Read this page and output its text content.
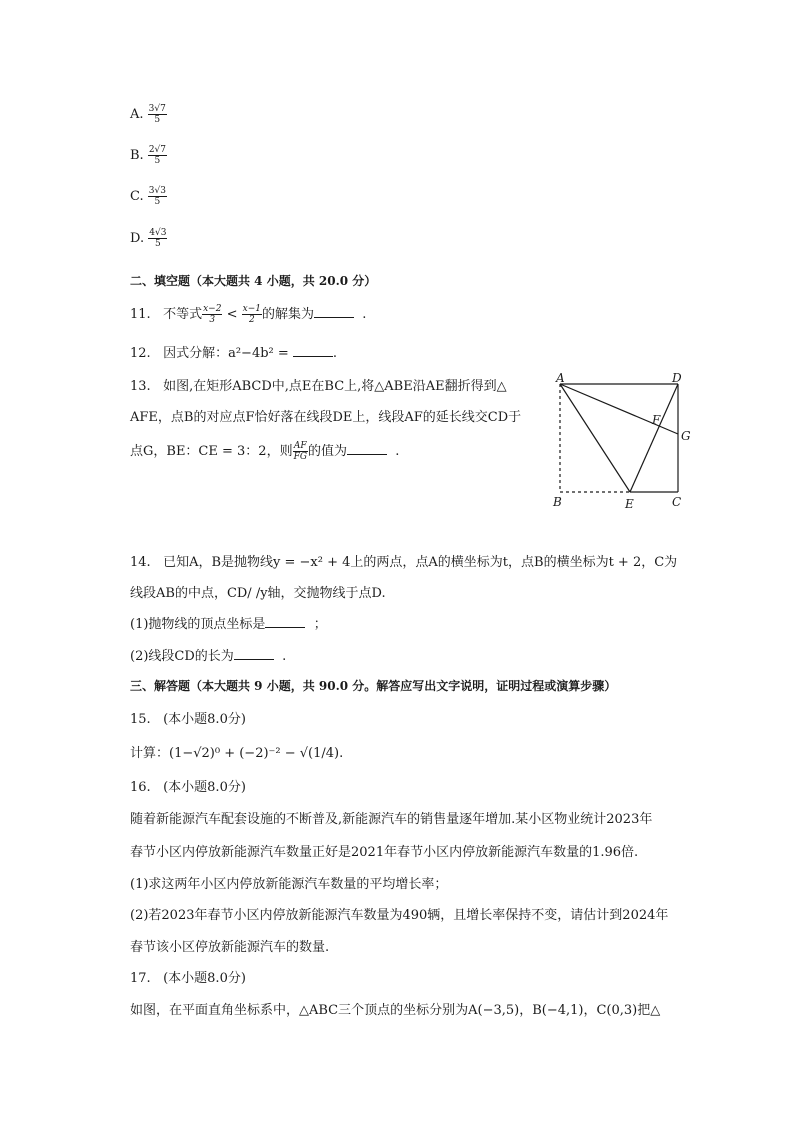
A. $\frac{3√7}{5}$
B. $\frac{2√7}{5}$
C. $\frac{3√3}{5}$
D. $\frac{4√3}{5}$
二、填空题（本大题共 4 小题，共 20.0 分）
11. 不等式 $\frac{x-2}{3} < \frac{x-1}{2}$ 的解集为	.
12. 因式分解：a²−4b² =	.
13. 如图,在矩形ABCD中,点E在BC上,将△ABE沿AE翻折得到△
AFE，点B的对应点F恰好落在线段DE上，线段AF的延长线交CD于
点G，BE：CE = 3：2，则 $\frac{AF}{FG}$ 的值为	.
A	D
F
G
B	E	C
14. 已知A，B是抛物线y = −x² + 4上的两点，点A的横坐标为t，点B的横坐标为t + 2，C为
线段AB的中点，CD/ /y轴，交抛物线于点D.
(1)抛物线的顶点坐标是	；
(2)线段CD的长为	.
三、解答题（本大题共 9 小题，共 90.0 分。解答应写出文字说明，证明过程或演算步骤）
15. (本小题8.0分)
计算：(1−√2)⁰ + (−2)⁻² − √(1/4).
16. (本小题8.0分)
随着新能源汽车配套设施的不断普及,新能源汽车的销售量逐年增加.某小区物业统计2023年
春节小区内停放新能源汽车数量正好是2021年春节小区内停放新能源汽车数量的1.96倍.
(1)求这两年小区内停放新能源汽车数量的平均增长率；
(2)若2023年春节小区内停放新能源汽车数量为490辆，且增长率保持不变，请估计到2024年
春节该小区停放新能源汽车的数量.
17. (本小题8.0分)
如图，在平面直角坐标系中，△ABC三个顶点的坐标分别为A(−3,5)，B(−4,1)，C(0,3)把△
